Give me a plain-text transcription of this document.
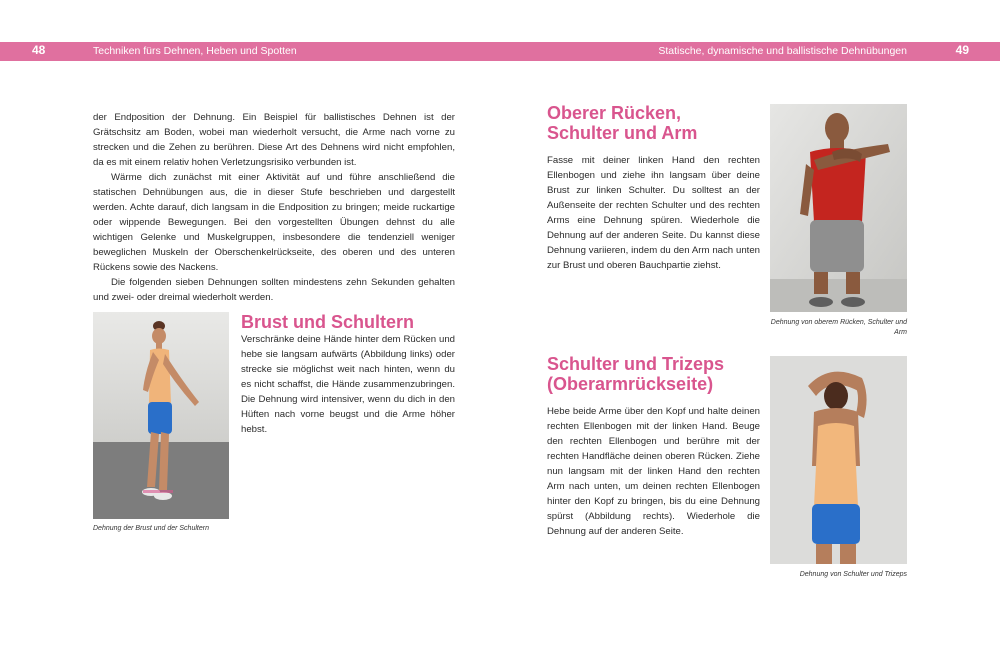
48	Techniken fürs Dehnen, Heben und Spotten	Statische, dynamische und ballistische Dehnübungen	49

der Endposition der Dehnung. Ein Beispiel für ballistisches Dehnen ist der Grätschsitz am Boden, wobei man wiederholt versucht, die Arme nach vorne zu strecken und die Zehen zu berühren. Diese Art des Dehnens wird nicht empfohlen, da es mit einem relativ hohen Verletzungsrisiko verbunden ist.

Wärme dich zunächst mit einer Aktivität auf und führe anschließend die statischen Dehnübungen aus, die in dieser Stufe beschrieben und dargestellt werden. Achte darauf, dich langsam in die Endposition zu bringen; meide ruckartige oder wippende Bewegungen. Bei den vorgestellten Übungen dehnst du alle wichtigen Gelenke und Muskelgruppen, insbesondere die tendenziell weniger beweglichen Muskeln der Oberschenkelrückseite, des oberen und des unteren Rückens sowie des Nackens.

Die folgenden sieben Dehnungen sollten mindestens zehn Sekunden gehalten und zwei- oder dreimal wiederholt werden.

Dehnung der Brust und der Schultern
Brust und Schultern
Verschränke deine Hände hinter dem Rücken und hebe sie langsam aufwärts (Abbildung links) oder strecke sie möglichst weit nach hinten, wenn du es nicht schaffst, die Hände zusammenzubringen. Die Dehnung wird intensiver, wenn du dich in den Hüften nach vorne beugst und die Arme höher hebst.
Oberer Rücken, Schulter und Arm
Fasse mit deiner linken Hand den rechten Ellenbogen und ziehe ihn langsam über deine Brust zur linken Schulter. Du solltest an der Außenseite der rechten Schulter und des rechten Arms eine Dehnung spüren. Wiederhole die Dehnung auf der anderen Seite. Du kannst diese Dehnung variieren, indem du den Arm nach unten zur Brust und oberen Bauchpartie ziehst.
Dehnung von oberem Rücken, Schulter und Arm
Schulter und Trizeps (Oberarmrückseite)
Hebe beide Arme über den Kopf und halte deinen rechten Ellenbogen mit der linken Hand. Beuge den rechten Ellenbogen und berühre mit der rechten Handfläche deinen oberen Rücken. Ziehe nun langsam mit der linken Hand den rechten Arm nach unten, um deinen rechten Ellenbogen hinter den Kopf zu bringen, bis du eine Dehnung spürst (Abbildung rechts). Wiederhole die Dehnung auf der anderen Seite.
Dehnung von Schulter und Trizeps
